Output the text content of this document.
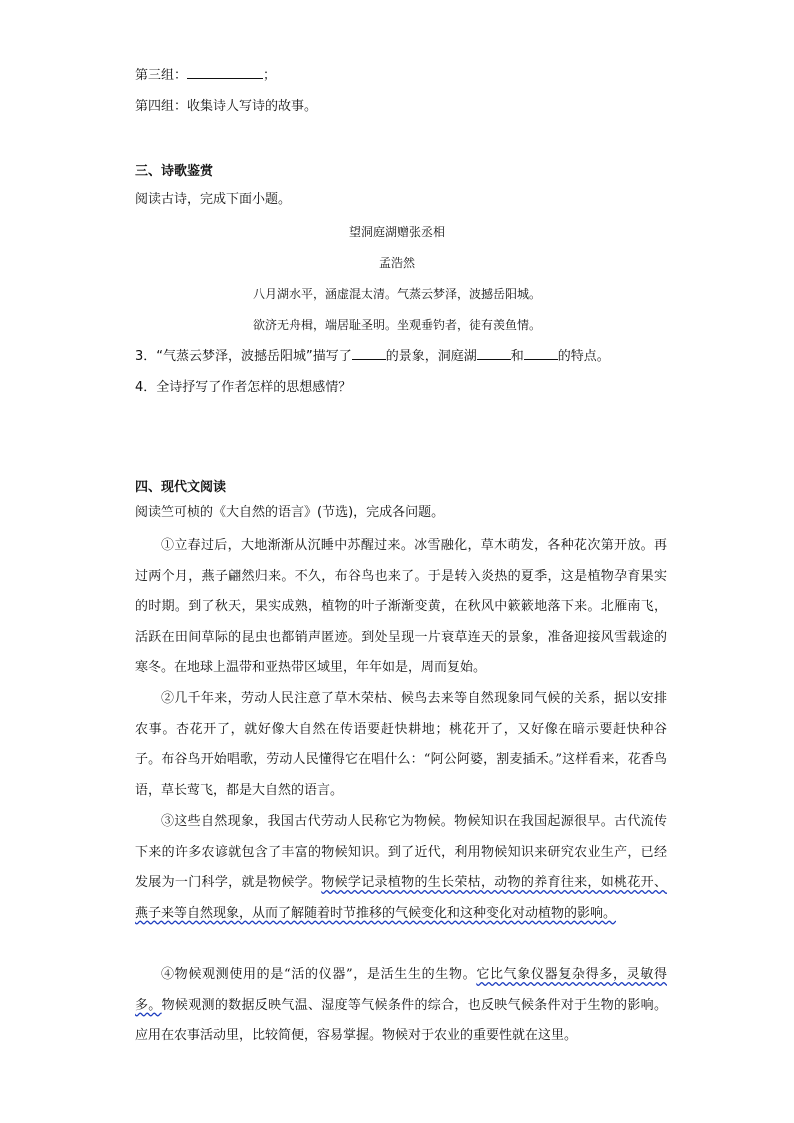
第三组：	；
第四组：收集诗人写诗的故事。
三、诗歌鉴赏
阅读古诗，完成下面小题。
望洞庭湖赠张丞相
孟浩然
八月湖水平，涵虚混太清。气蒸云梦泽，波撼岳阳城。
欲济无舟楫，端居耻圣明。坐观垂钓者，徒有羡鱼情。
3．“气蒸云梦泽，波撼岳阳城”描写了	的景象，洞庭湖	和	的特点。
4．全诗抒写了作者怎样的思想感情？
四、现代文阅读
阅读竺可桢的《大自然的语言》(节选)，完成各问题。
①立春过后，大地渐渐从沉睡中苏醒过来。冰雪融化，草木萌发，各种花次第开放。再过两个月，燕子翩然归来。不久，布谷鸟也来了。于是转入炎热的夏季，这是植物孕育果实的时期。到了秋天，果实成熟，植物的叶子渐渐变黄，在秋风中簌簌地落下来。北雁南飞，活跃在田间草际的昆虫也都销声匿迹。到处呈现一片衰草连天的景象，准备迎接风雪载途的寒冬。在地球上温带和亚热带区域里，年年如是，周而复始。
②几千年来，劳动人民注意了草木荣枯、候鸟去来等自然现象同气候的关系，据以安排农事。杏花开了，就好像大自然在传语要赶快耕地；桃花开了，又好像在暗示要赶快种谷子。布谷鸟开始唱歌，劳动人民懂得它在唱什么：“阿公阿婆，割麦插禾。”这样看来，花香鸟语，草长莺飞，都是大自然的语言。
③这些自然现象，我国古代劳动人民称它为物候。物候知识在我国起源很早。古代流传下来的许多农谚就包含了丰富的物候知识。到了近代，利用物候知识来研究农业生产，已经发展为一门科学，就是物候学。物候学记录植物的生长荣枯，动物的养育往来，如桃花开、燕子来等自然现象，从而了解随着时节推移的气候变化和这种变化对动植物的影响。
④物候观测使用的是“活的仪器”，是活生生的生物。它比气象仪器复杂得多，灵敏得多。物候观测的数据反映气温、湿度等气候条件的综合，也反映气候条件对于生物的影响。应用在农事活动里，比较简便，容易掌握。物候对于农业的重要性就在这里。
